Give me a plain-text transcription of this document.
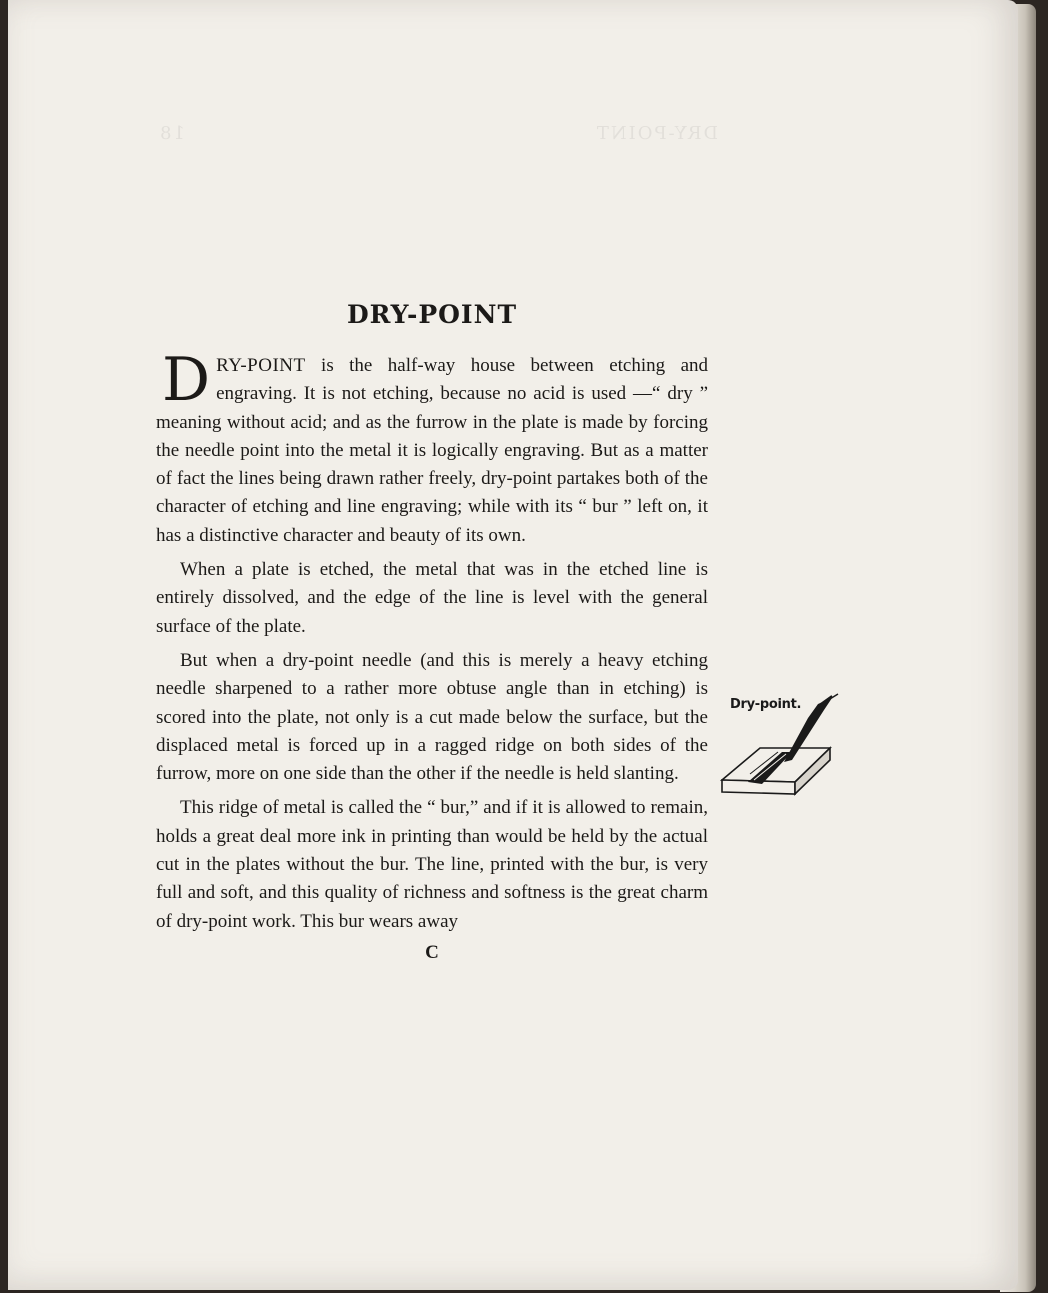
DRY-POINT
18
DRY-POINT

DRY-POINT is the half-way house between etching and engraving. It is not etching, because no acid is used —“ dry ” meaning without acid; and as the furrow in the plate is made by forcing the needle point into the metal it is logically engraving. But as a matter of fact the lines being drawn rather freely, dry-point partakes both of the character of etching and line engraving; while with its “ bur ” left on, it has a distinctive character and beauty of its own.

When a plate is etched, the metal that was in the etched line is entirely dissolved, and the edge of the line is level with the general surface of the plate.

But when a dry-point needle (and this is merely a heavy etching needle sharpened to a rather more obtuse angle than in etching) is scored into the plate, not only is a cut made below the surface, but the displaced metal is forced up in a ragged ridge on both sides of the furrow, more on one side than the other if the needle is held slanting.

This ridge of metal is called the “ bur,” and if it is allowed to remain, holds a great deal more ink in printing than would be held by the actual cut in the plates without the bur. The line, printed with the bur, is very full and soft, and this quality of richness and softness is the great charm of dry-point work. This bur wears away

C
Dry-point.
